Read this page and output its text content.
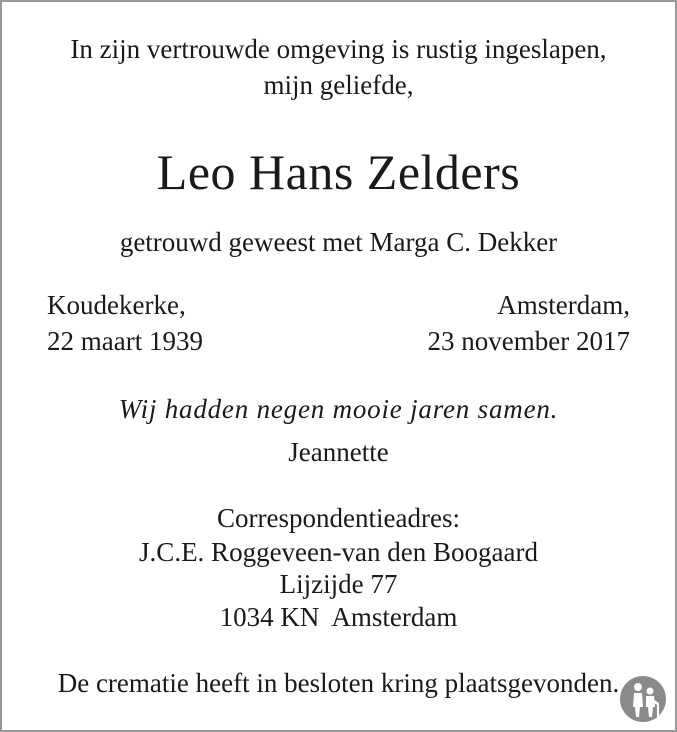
In zijn vertrouwde omgeving is rustig ingeslapen,
mijn geliefde,
Leo Hans Zelders
getrouwd geweest met Marga C. Dekker
Koudekerke,
22 maart 1939
Amsterdam,
23 november 2017
Wij hadden negen mooie jaren samen.
Jeannette
Correspondentieadres:
J.C.E. Roggeveen-van den Boogaard
Lijzijde 77
1034 KN  Amsterdam
De crematie heeft in besloten kring plaatsgevonden.
